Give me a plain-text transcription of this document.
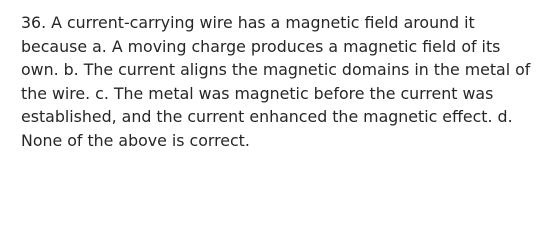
36. A current-carrying wire has a magnetic field around it
because a. A moving charge produces a magnetic field of its
own. b. The current aligns the magnetic domains in the metal of
the wire. c. The metal was magnetic before the current was
established, and the current enhanced the magnetic effect. d.
None of the above is correct.
